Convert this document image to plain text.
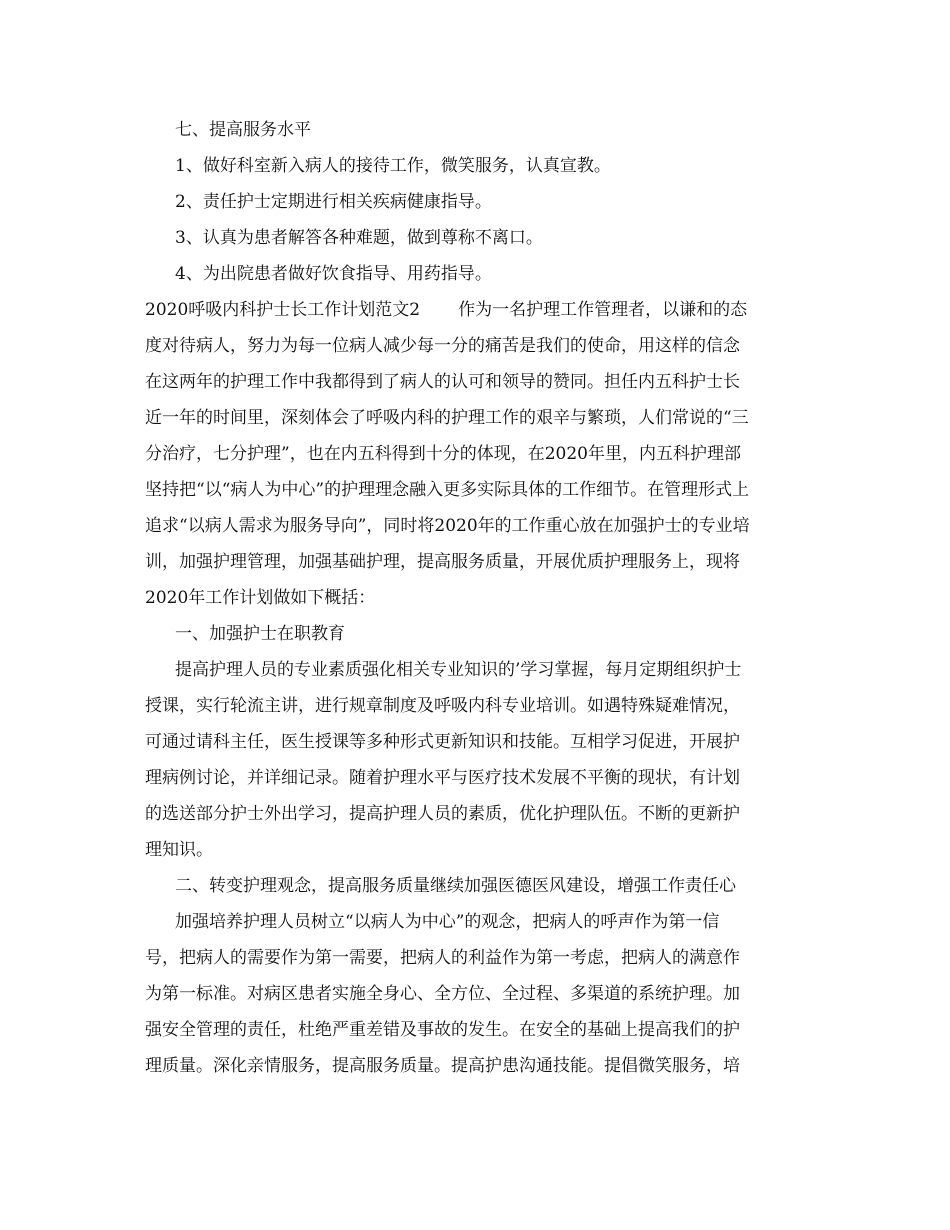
七、提高服务水平
1、做好科室新入病人的接待工作，微笑服务，认真宣教。
2、责任护士定期进行相关疾病健康指导。
3、认真为患者解答各种难题，做到尊称不离口。
4、为出院患者做好饮食指导、用药指导。
2020呼吸内科护士长工作计划范文2 作为一名护理工作管理者，以谦和的态
度对待病人，努力为每一位病人减少每一分的痛苦是我们的使命，用这样的信念
在这两年的护理工作中我都得到了病人的认可和领导的赞同。担任内五科护士长
近一年的时间里，深刻体会了呼吸内科的护理工作的艰辛与繁琐，人们常说的“三
分治疗，七分护理”，也在内五科得到十分的体现，在2020年里，内五科护理部
坚持把“以“病人为中心”的护理理念融入更多实际具体的工作细节。在管理形式上
追求“以病人需求为服务导向”，同时将2020年的工作重心放在加强护士的专业培
训，加强护理管理，加强基础护理，提高服务质量，开展优质护理服务上，现将
2020年工作计划做如下概括：
一、加强护士在职教育
提高护理人员的专业素质强化相关专业知识的’学习掌握，每月定期组织护士
授课，实行轮流主讲，进行规章制度及呼吸内科专业培训。如遇特殊疑难情况，
可通过请科主任，医生授课等多种形式更新知识和技能。互相学习促进，开展护
理病例讨论，并详细记录。随着护理水平与医疗技术发展不平衡的现状，有计划
的选送部分护士外出学习，提高护理人员的素质，优化护理队伍。不断的更新护
理知识。
二、转变护理观念，提高服务质量继续加强医德医风建设，增强工作责任心
加强培养护理人员树立“以病人为中心”的观念，把病人的呼声作为第一信
号，把病人的需要作为第一需要，把病人的利益作为第一考虑，把病人的满意作
为第一标准。对病区患者实施全身心、全方位、全过程、多渠道的系统护理。加
强安全管理的责任，杜绝严重差错及事故的发生。在安全的基础上提高我们的护
理质量。深化亲情服务，提高服务质量。提高护患沟通技能。提倡微笑服务，培
